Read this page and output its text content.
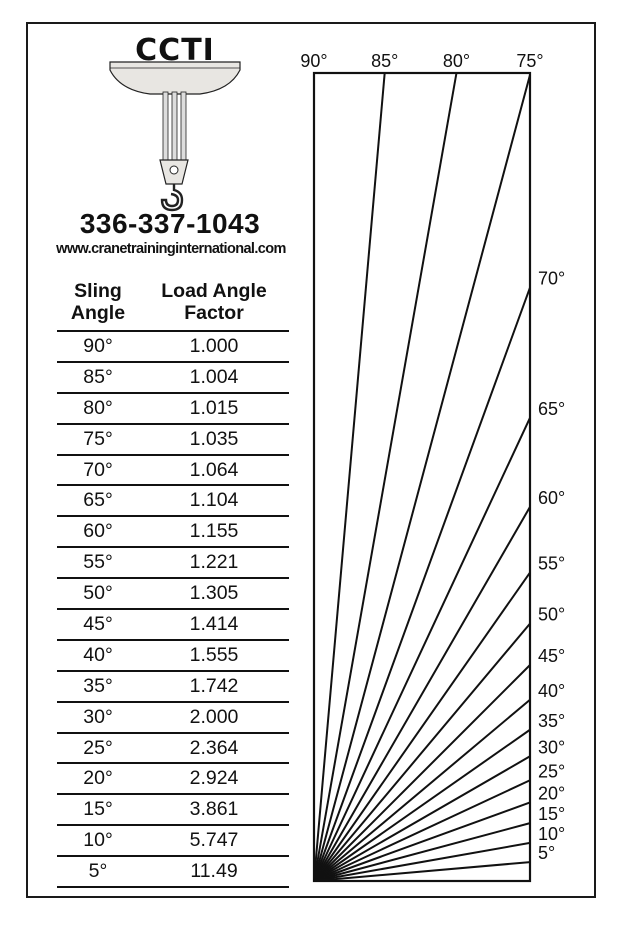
CCTI
336-337-1043
www.cranetraininginternational.com
Sling
Angle
Load Angle
Factor
90°	1.000
85°	1.004
80°	1.015
75°	1.035
70°	1.064
65°	1.104
60°	1.155
55°	1.221
50°	1.305
45°	1.414
40°	1.555
35°	1.742
30°	2.000
25°	2.364
20°	2.924
15°	3.861
10°	5.747
5°	11.49
90° 85° 80°	75°
70°
65°
60°
55°
50°
45°
40°
35°
30°
25°
20°
15°
10°
5°
